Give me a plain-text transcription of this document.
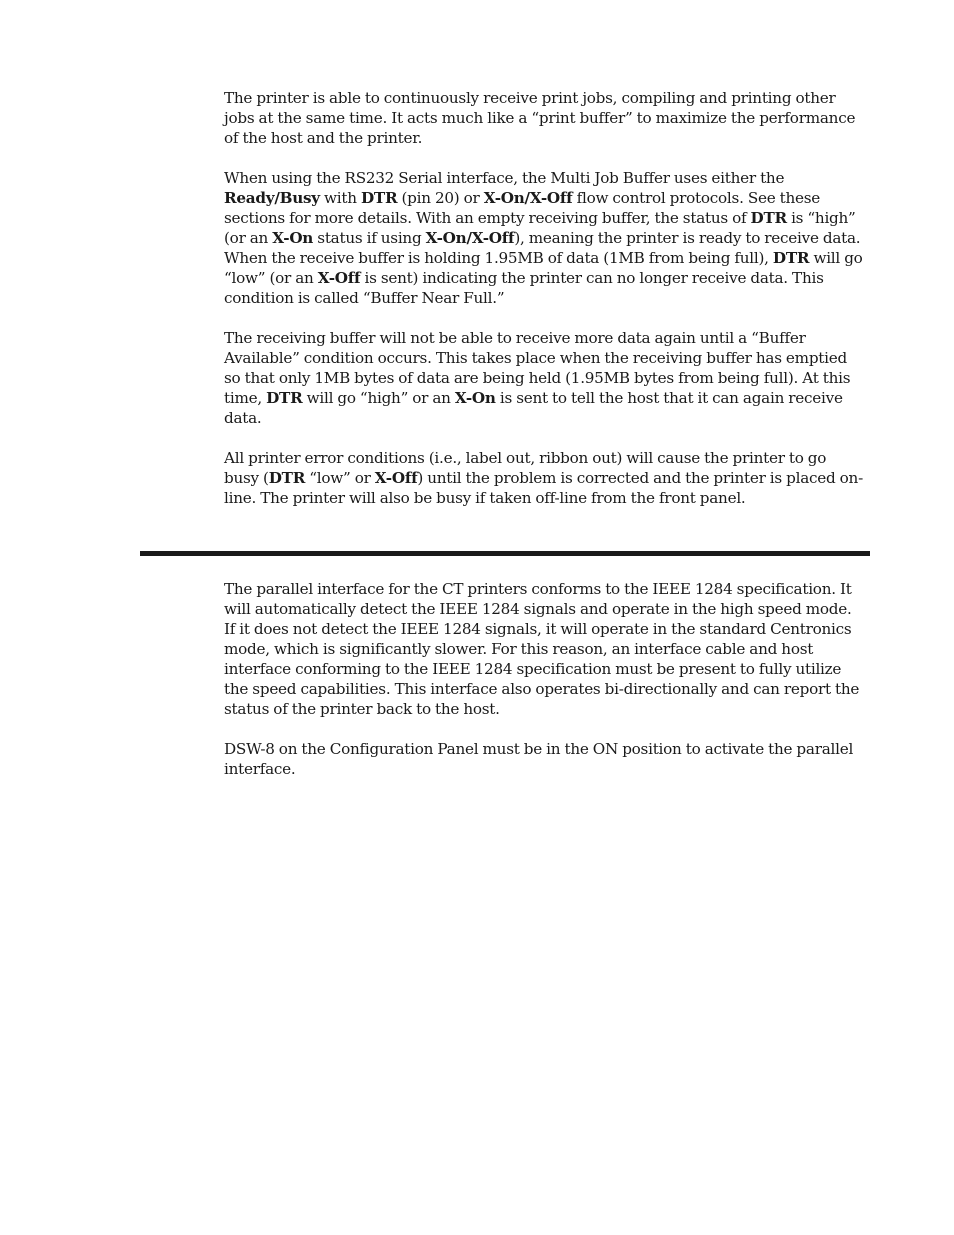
The printer is able to continuously receive print jobs, compiling and printing other jobs at the same time. It acts much like a “print buffer” to maximize the performance of the host and the printer.

When using the RS232 Serial interface, the Multi Job Buffer uses either the Ready/Busy with DTR (pin 20) or X-On/X-Off flow control protocols. See these sections for more details. With an empty receiving buffer, the status of DTR is “high” (or an X-On status if using X-On/X-Off), meaning the printer is ready to receive data. When the receive buffer is holding 1.95MB of data (1MB from being full), DTR will go “low” (or an X-Off is sent) indicating the printer can no longer receive data. This condition is called “Buffer Near Full.”

The receiving buffer will not be able to receive more data again until a “Buffer Available” condition occurs. This takes place when the receiving buffer has emptied so that only 1MB bytes of data are being held (1.95MB bytes from being full). At this time, DTR will go “high” or an X-On is sent to tell the host that it can again receive data.

All printer error conditions (i.e., label out, ribbon out) will cause the printer to go busy (DTR “low” or X-Off) until the problem is corrected and the printer is placed on-line. The printer will also be busy if taken off-line from the front panel.

The parallel interface for the CT printers conforms to the IEEE 1284 specification. It will automatically detect the IEEE 1284 signals and operate in the high speed mode. If it does not detect the IEEE 1284 signals, it will operate in the standard Centronics mode, which is significantly slower. For this reason, an interface cable and host interface conforming to the IEEE 1284 specification must be present to fully utilize the speed capabilities. This interface also operates bi-directionally and can report the status of the printer back to the host.

DSW-8 on the Configuration Panel must be in the ON position to activate the parallel interface.
